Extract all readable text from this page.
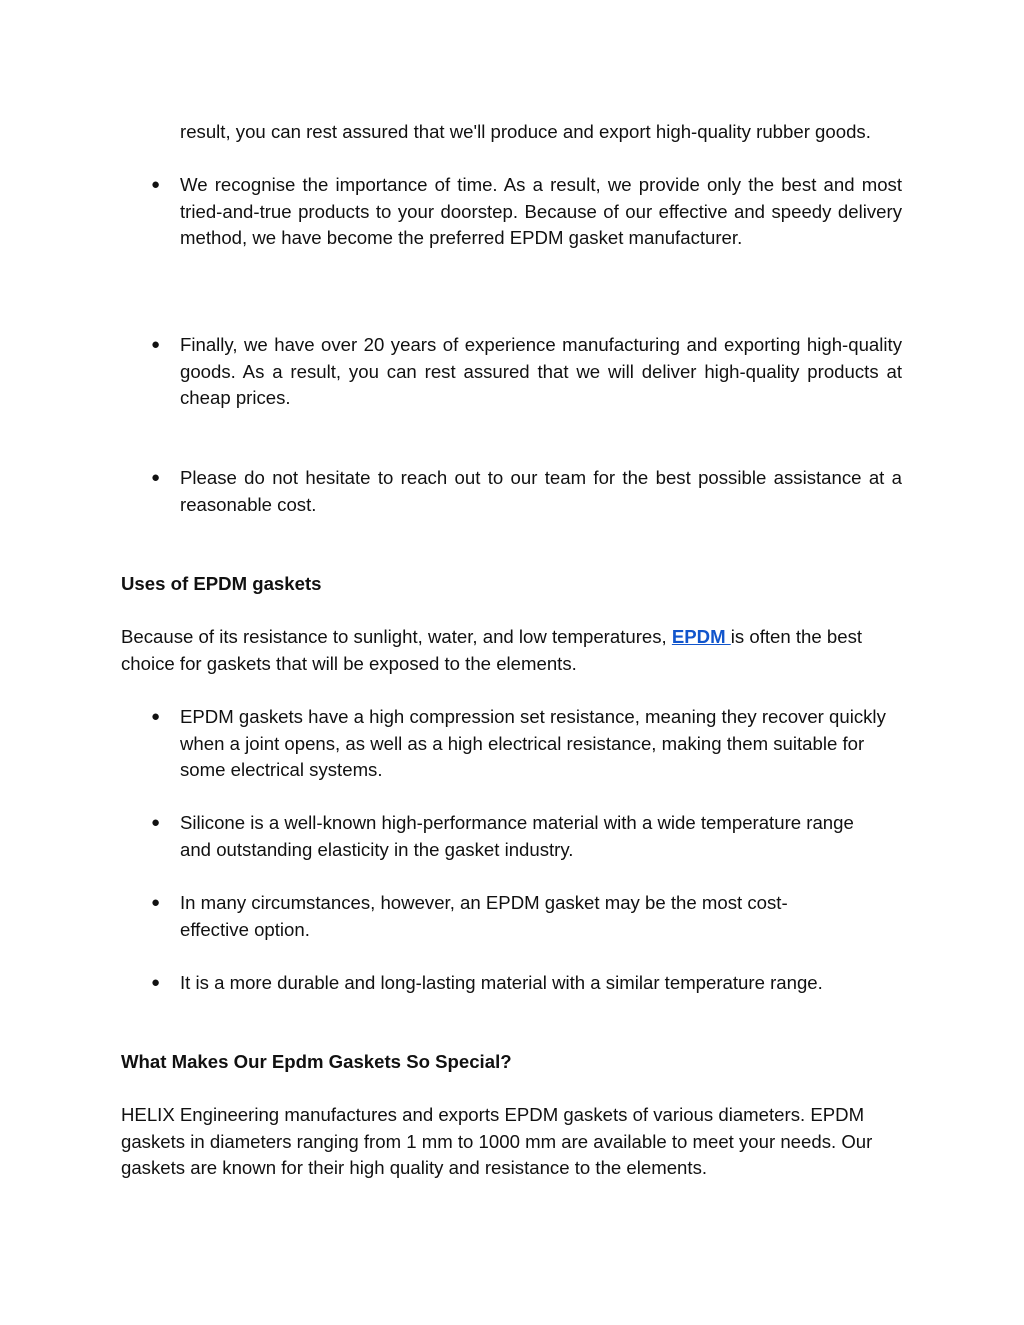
result, you can rest assured that we'll produce and export high-quality rubber goods.
● We recognise the importance of time. As a result, we provide only the best and most tried-and-true products to your doorstep. Because of our effective and speedy delivery method, we have become the preferred EPDM gasket manufacturer.
● Finally, we have over 20 years of experience manufacturing and exporting high-quality goods. As a result, you can rest assured that we will deliver high-quality products at cheap prices.
● Please do not hesitate to reach out to our team for the best possible assistance at a reasonable cost.
Uses of EPDM gaskets
Because of its resistance to sunlight, water, and low temperatures, EPDM is often the best choice for gaskets that will be exposed to the elements.
● EPDM gaskets have a high compression set resistance, meaning they recover quickly when a joint opens, as well as a high electrical resistance, making them suitable for some electrical systems.
● Silicone is a well-known high-performance material with a wide temperature range and outstanding elasticity in the gasket industry.
● In many circumstances, however, an EPDM gasket may be the most cost-effective option.
● It is a more durable and long-lasting material with a similar temperature range.
What Makes Our Epdm Gaskets So Special?
HELIX Engineering manufactures and exports EPDM gaskets of various diameters. EPDM gaskets in diameters ranging from 1 mm to 1000 mm are available to meet your needs. Our gaskets are known for their high quality and resistance to the elements.
